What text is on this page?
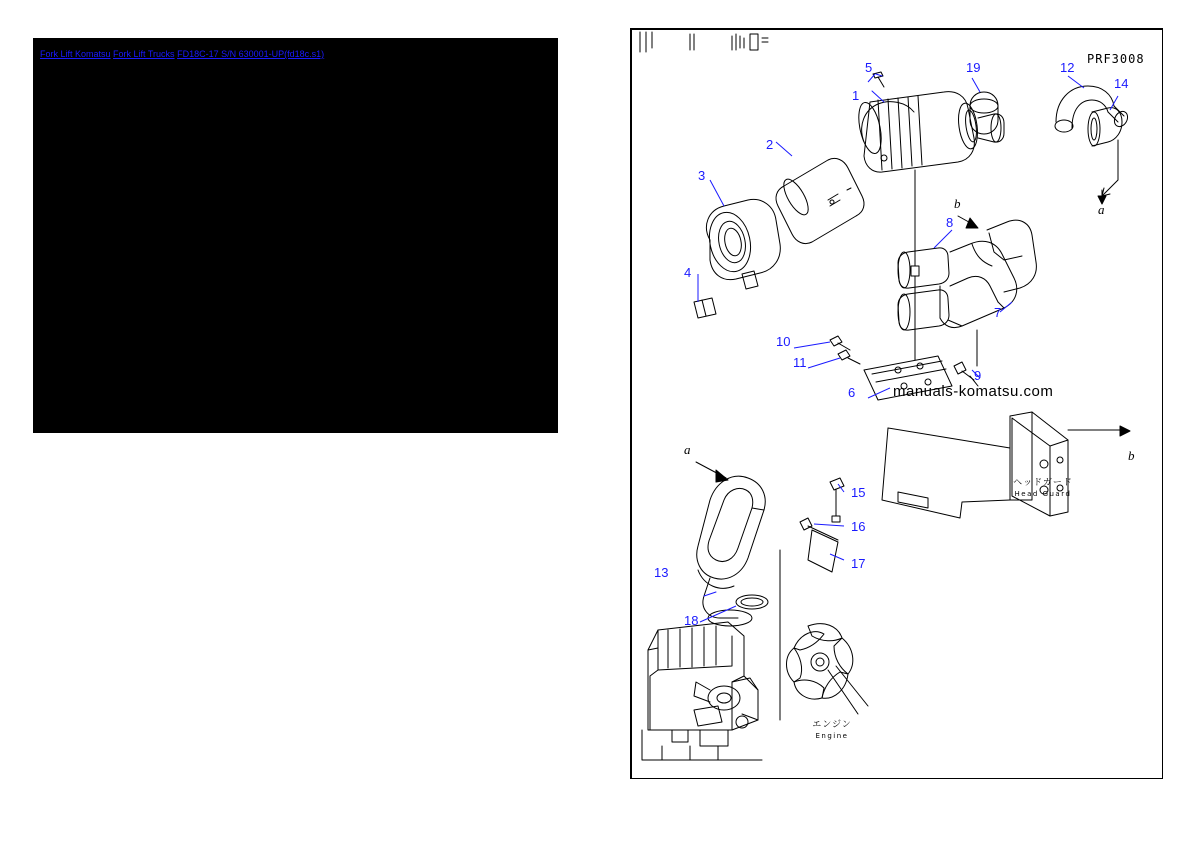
Fork Lift Komatsu Fork Lift Trucks FD18C-17 S/N 630001-UP(fd18c.s1)	PRF3008
ヘッドガード
Head Guard
エンジン
Engine
b	a
a	b
manuals-komatsu.com
1
2
3
4
5
6
7
8
9
10
11
12
13
14
15
16
17
18
19
